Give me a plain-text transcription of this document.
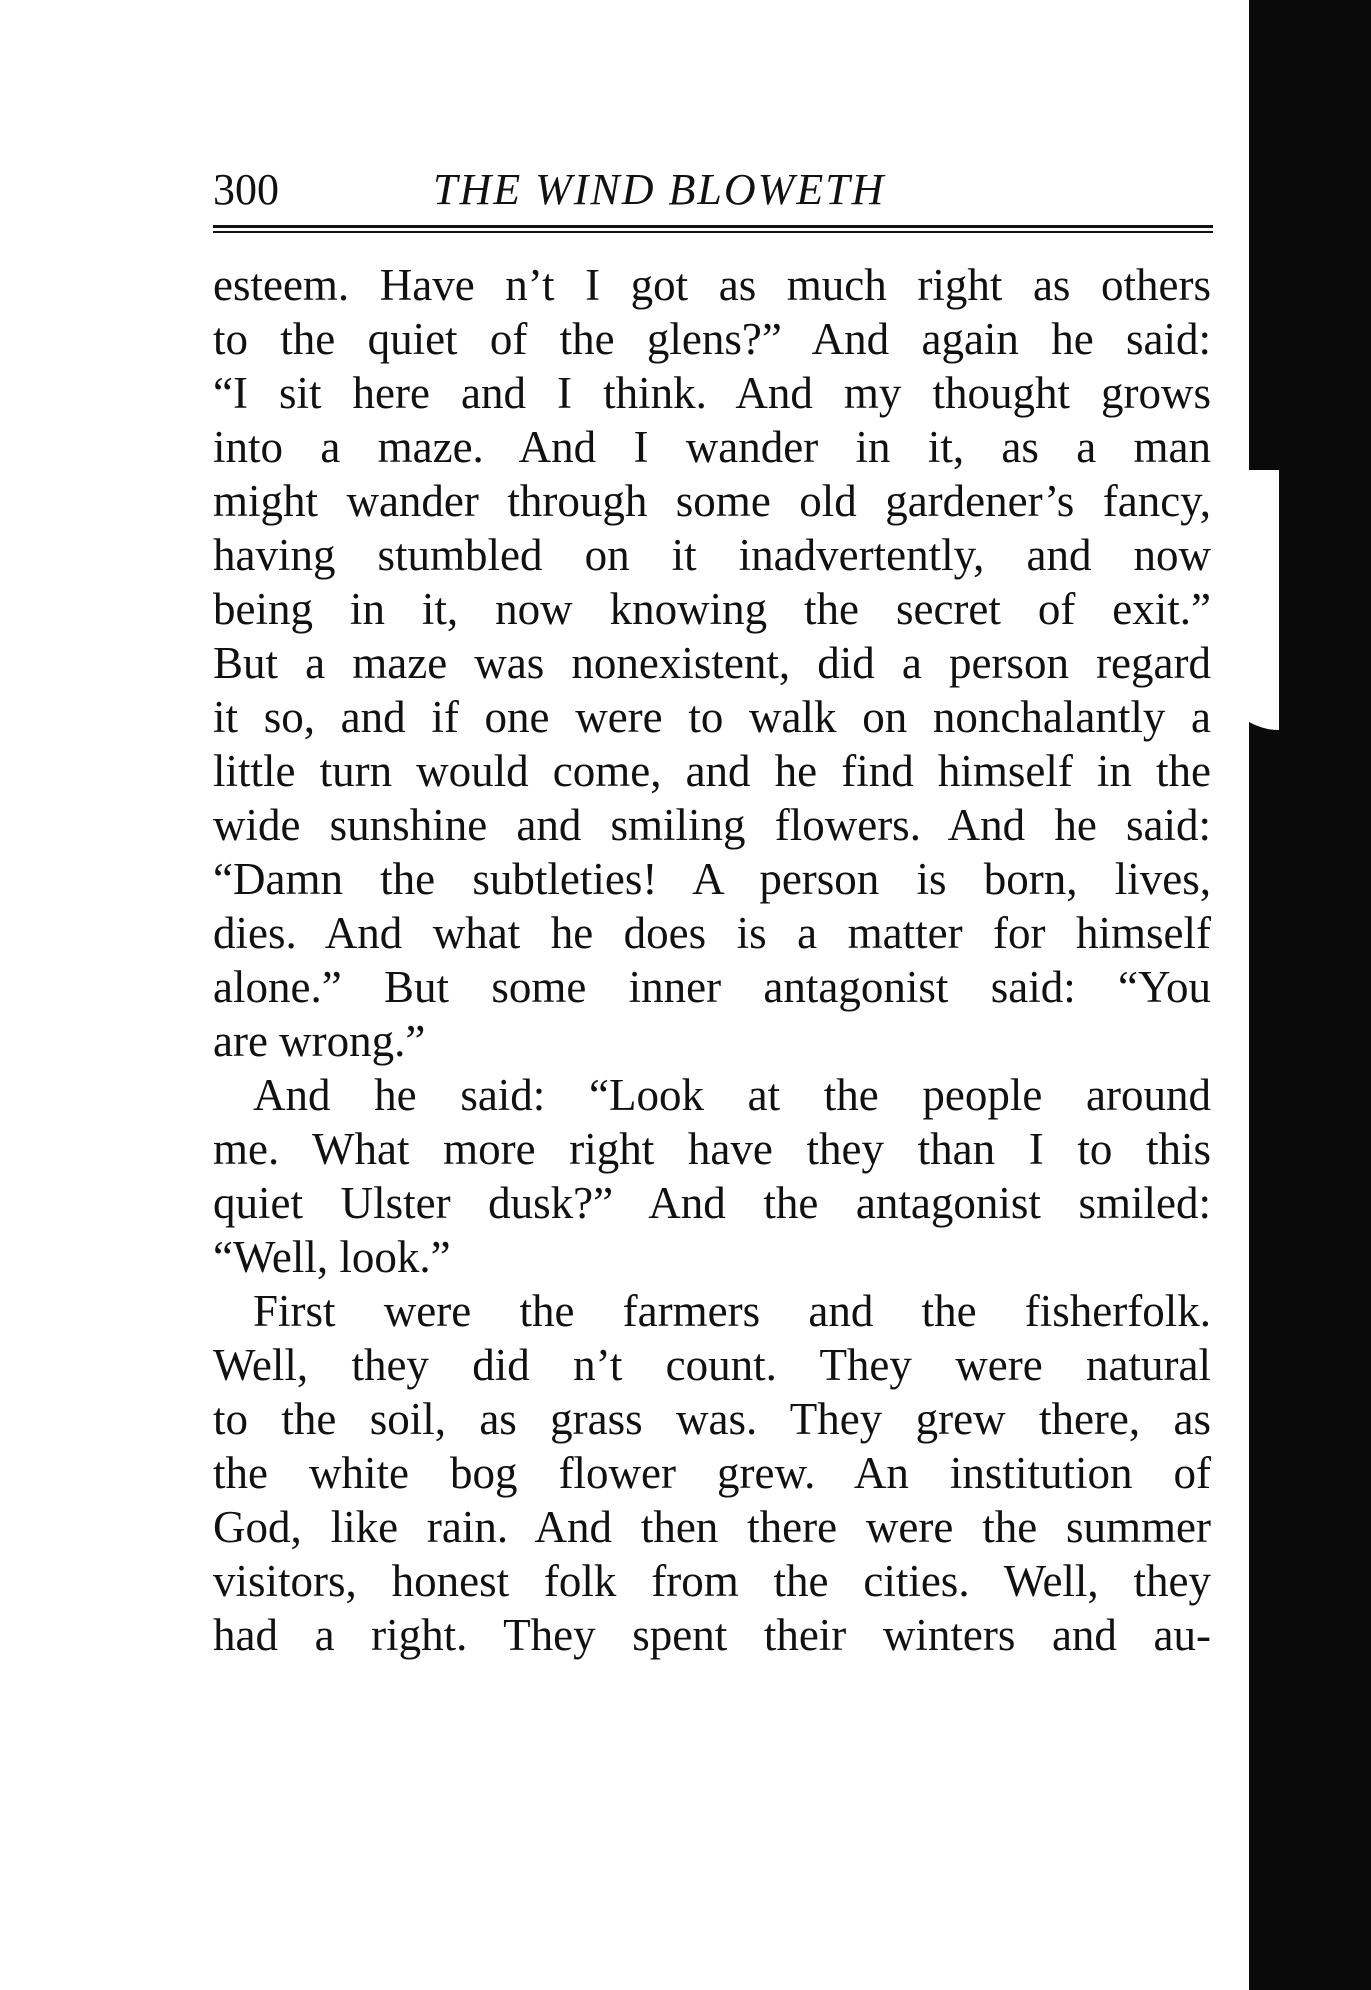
300	THE WIND BLOWETH
esteem. Have n’t I got as much right as others
to the quiet of the glens?” And again he said:
“I sit here and I think. And my thought grows
into a maze. And I wander in it, as a man
might wander through some old gardener’s fancy,
having stumbled on it inadvertently, and now
being in it, now knowing the secret of exit.”
But a maze was nonexistent, did a person regard
it so, and if one were to walk on nonchalantly a
little turn would come, and he find himself in the
wide sunshine and smiling flowers. And he said:
“Damn the subtleties! A person is born, lives,
dies. And what he does is a matter for himself
alone.” But some inner antagonist said: “You
are wrong.”
And he said: “Look at the people around
me. What more right have they than I to this
quiet Ulster dusk?” And the antagonist smiled:
“Well, look.”
First were the farmers and the fisherfolk.
Well, they did n’t count. They were natural
to the soil, as grass was. They grew there, as
the white bog flower grew. An institution of
God, like rain. And then there were the summer
visitors, honest folk from the cities. Well, they
had a right. They spent their winters and au-
